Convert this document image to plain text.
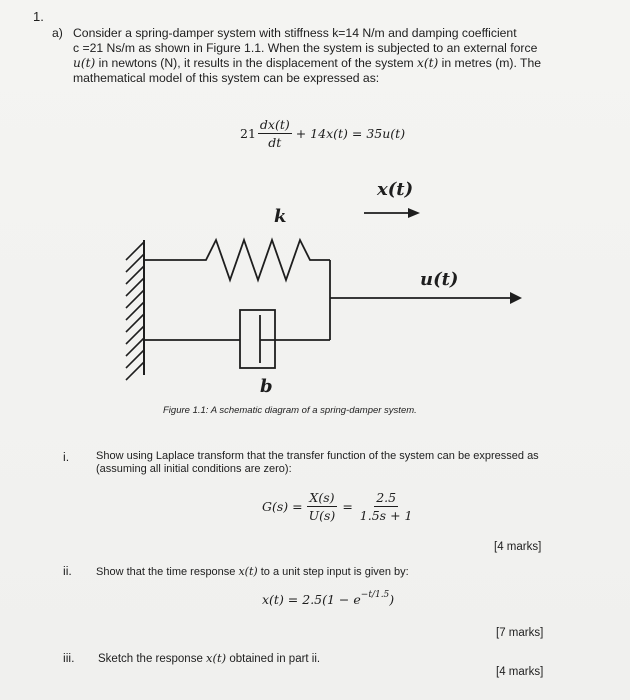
1.
a) Consider a spring-damper system with stiffness k=14 N/m and damping coefficient
c =21 Ns/m as shown in Figure 1.1. When the system is subjected to an external force
u(t) in newtons (N), it results in the displacement of the system x(t) in metres (m). The
mathematical model of this system can be expressed as:
$21 \frac{dx(t)}{dt} + 14x(t) = 35u(t)$
x(t)
k
u(t)
b
Figure 1.1: A schematic diagram of a spring-damper system.
i. Show using Laplace transform that the transfer function of the system can be expressed as
(assuming all initial conditions are zero):
$G(s) = \frac{X(s)}{U(s)} = \frac{2.5}{1.5s + 1}$
[4 marks]
ii. Show that the time response x(t) to a unit step input is given by:
$x(t) = 2.5(1 - e^{-t/1.5}$ )
[7 marks]
iii. Sketch the response x(t) obtained in part ii.
[4 marks]
